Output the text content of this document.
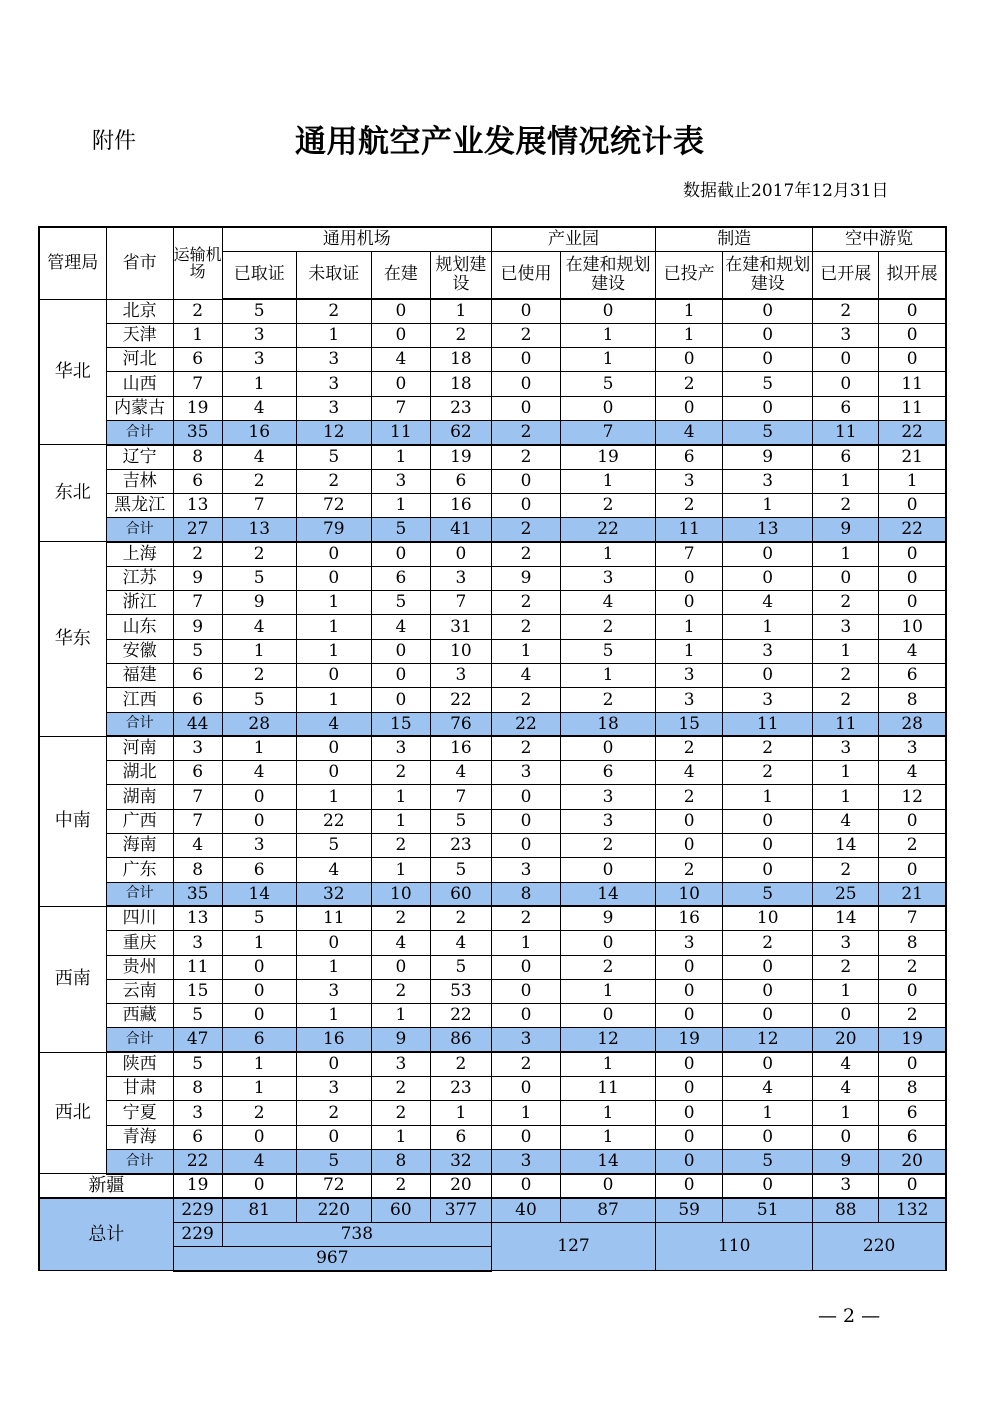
附件	通用航空产业发展情况统计表
数据截止2017年12月31日
管理局	省市	运输机场	通用机场				产业园		制造		空中游览	
			已取证	未取证	在建	规划建设	已使用	在建和规划建设	已投产	在建和规划建设	已开展	拟开展
华北	北京	2	5	2	0	1	0	0	1	0	2	0
	天津	1	3	1	0	2	2	1	1	0	3	0
	河北	6	3	3	4	18	0	1	0	0	0	0
	山西	7	1	3	0	18	0	5	2	5	0	11
	内蒙古	19	4	3	7	23	0	0	0	0	6	11
	合计	35	16	12	11	62	2	7	4	5	11	22
东北	辽宁	8	4	5	1	19	2	19	6	9	6	21
	吉林	6	2	2	3	6	0	1	3	3	1	1
	黑龙江	13	7	72	1	16	0	2	2	1	2	0
	合计	27	13	79	5	41	2	22	11	13	9	22
华东	上海	2	2	0	0	0	2	1	7	0	1	0
	江苏	9	5	0	6	3	9	3	0	0	0	0
	浙江	7	9	1	5	7	2	4	0	4	2	0
	山东	9	4	1	4	31	2	2	1	1	3	10
	安徽	5	1	1	0	10	1	5	1	3	1	4
	福建	6	2	0	0	3	4	1	3	0	2	6
	江西	6	5	1	0	22	2	2	3	3	2	8
	合计	44	28	4	15	76	22	18	15	11	11	28
中南	河南	3	1	0	3	16	2	0	2	2	3	3
	湖北	6	4	0	2	4	3	6	4	2	1	4
	湖南	7	0	1	1	7	0	3	2	1	1	12
	广西	7	0	22	1	5	0	3	0	0	4	0
	海南	4	3	5	2	23	0	2	0	0	14	2
	广东	8	6	4	1	5	3	0	2	0	2	0
	合计	35	14	32	10	60	8	14	10	5	25	21
西南	四川	13	5	11	2	2	2	9	16	10	14	7
	重庆	3	1	0	4	4	1	0	3	2	3	8
	贵州	11	0	1	0	5	0	2	0	0	2	2
	云南	15	0	3	2	53	0	1	0	0	1	0
	西藏	5	0	1	1	22	0	0	0	0	0	2
	合计	47	6	16	9	86	3	12	19	12	20	19
西北	陕西	5	1	0	3	2	2	1	0	0	4	0
	甘肃	8	1	3	2	23	0	11	0	4	4	8
	宁夏	3	2	2	2	1	1	1	0	1	1	6
	青海	6	0	0	1	6	0	1	0	0	0	6
	合计	22	4	5	8	32	3	14	0	5	9	20
新疆		19	0	72	2	20	0	0	0	0	3	0
总计		229	81	220	60	377	40	87	59	51	88	132
		229	738				127		110		220	
		967										
— 2 —
